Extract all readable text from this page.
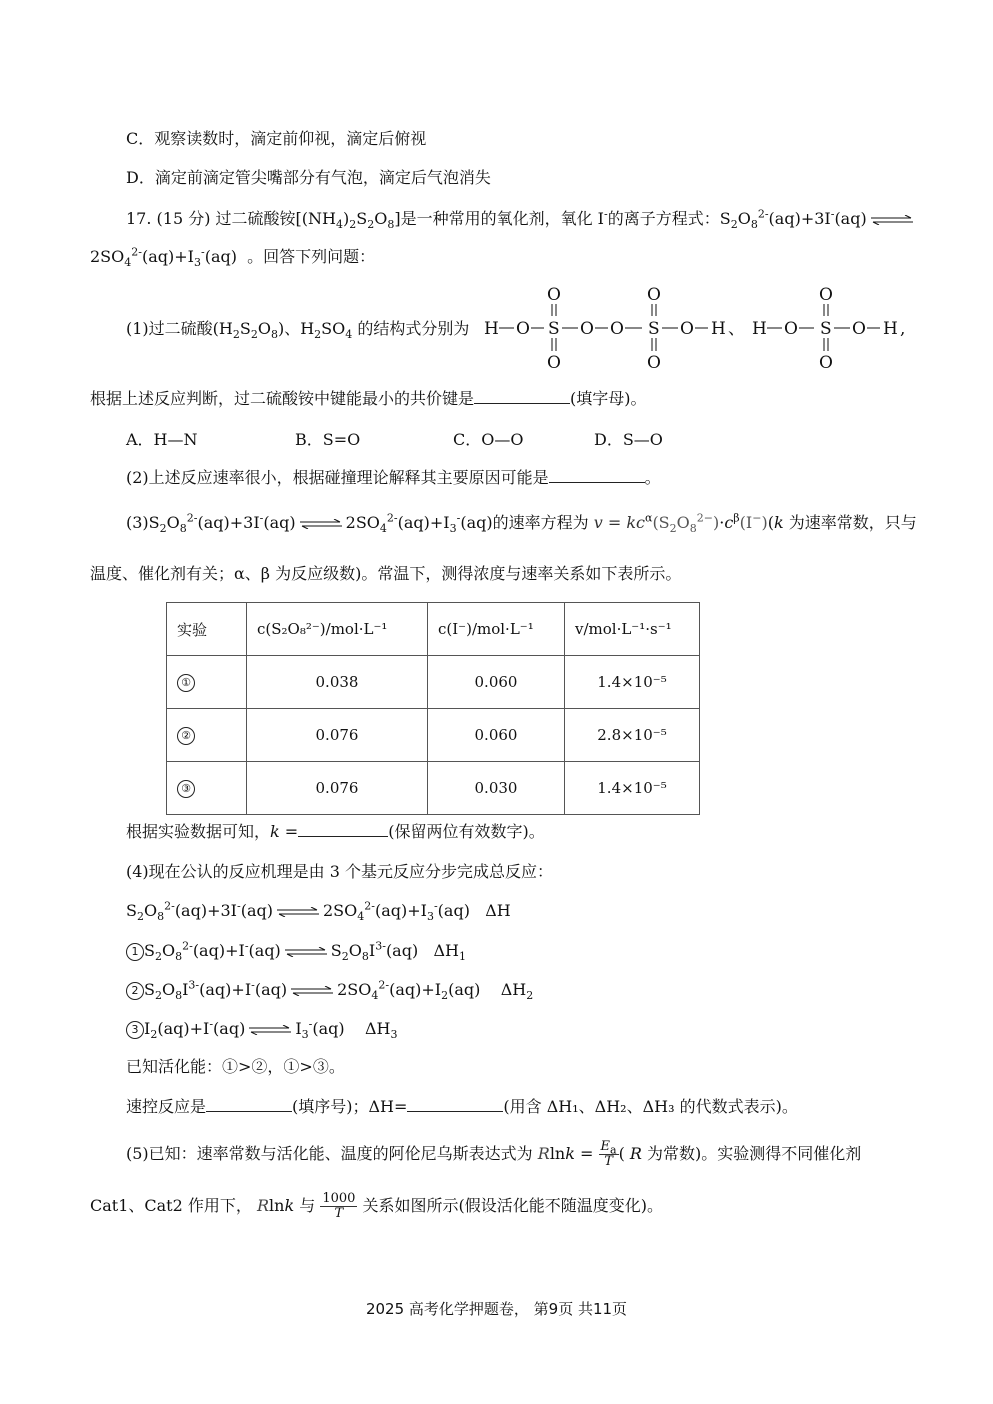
C．观察读数时，滴定前仰视，滴定后俯视
D．滴定前滴定管尖嘴部分有气泡，滴定后气泡消失
17. (15 分) 过二硫酸铵$[(NH_4)_2S_2O_8]$是一种常用的氧化剂，氧化 I-的离子方程式：$S_2O_8^{2-}(aq)+3I^-(aq)$
$2SO_4^{2-}(aq)+I_3^-(aq)$  。回答下列问题：
(1)过二硫酸$(H_2S_2O_8)$、$H_2SO_4$ 的结构式分别为 H O S
O
O
O O S
O
O
O H 、 H O S
O
O
O H ,
根据上述反应判断，过二硫酸铵中键能最小的共价键是	(填字母)。
A．H—N	B．S=O	C．O—O	D．S—O
(2)上述反应速率很小，根据碰撞理论解释其主要原因可能是	。
$(3)S_2O_8^{2-}(aq)+3I^-(aq)$	$2SO_4^{2-}(aq)+I_3^-(aq)$的速率方程为 $v = kc^\alpha(S_2O_8^{2-})\cdot c^\beta(I^-)(k$ 为速率常数，只与
温度、催化剂有关；α、β 为反应级数)。常温下，测得浓度与速率关系如下表所示。
实验	c(S₂O₈²⁻)/mol·L⁻¹	c(I⁻)/mol·L⁻¹	v/mol·L⁻¹·s⁻¹
①	0.038	0.060	1.4×10⁻⁵
②	0.076	0.060	2.8×10⁻⁵
③	0.076	0.030	1.4×10⁻⁵
根据实验数据可知，k =	(保留两位有效数字)。
(4)现在公认的反应机理是由 3 个基元反应分步完成总反应：
$S_2O_8^{2-}(aq)+3I^-(aq)$	$2SO_4^{2-}(aq)+I_3^-(aq)$   ΔH
1 $S_2O_8^{2-}(aq)+I^-(aq)$	$S_2O_8I^{3-}(aq)$   $\Delta H_1$
2 $S_2O_8I^{3-}(aq)+I^-(aq)$	$2SO_4^{2-}(aq)+I_2(aq)$    $\Delta H_2$
3 $I_2(aq)+I^-(aq)$	$I_3^-(aq)$    $\Delta H_3$
已知活化能：①>②，①>③。
速控反应是	(填序号)；ΔH=	(用含 ΔH₁、ΔH₂、ΔH₃ 的代数式表示)。
(5)已知：速率常数与活化能、温度的阿伦尼乌斯表达式为 $Rlnk = \frac{E_a}{T}$ ( R 为常数)。实验测得不同催化剂
Cat1、Cat2 作用下， Rlnk 与 $\frac{1000}{T}$ 关系如图所示(假设活化能不随温度变化)。
2025 高考化学押题卷， 第9页 共11页
